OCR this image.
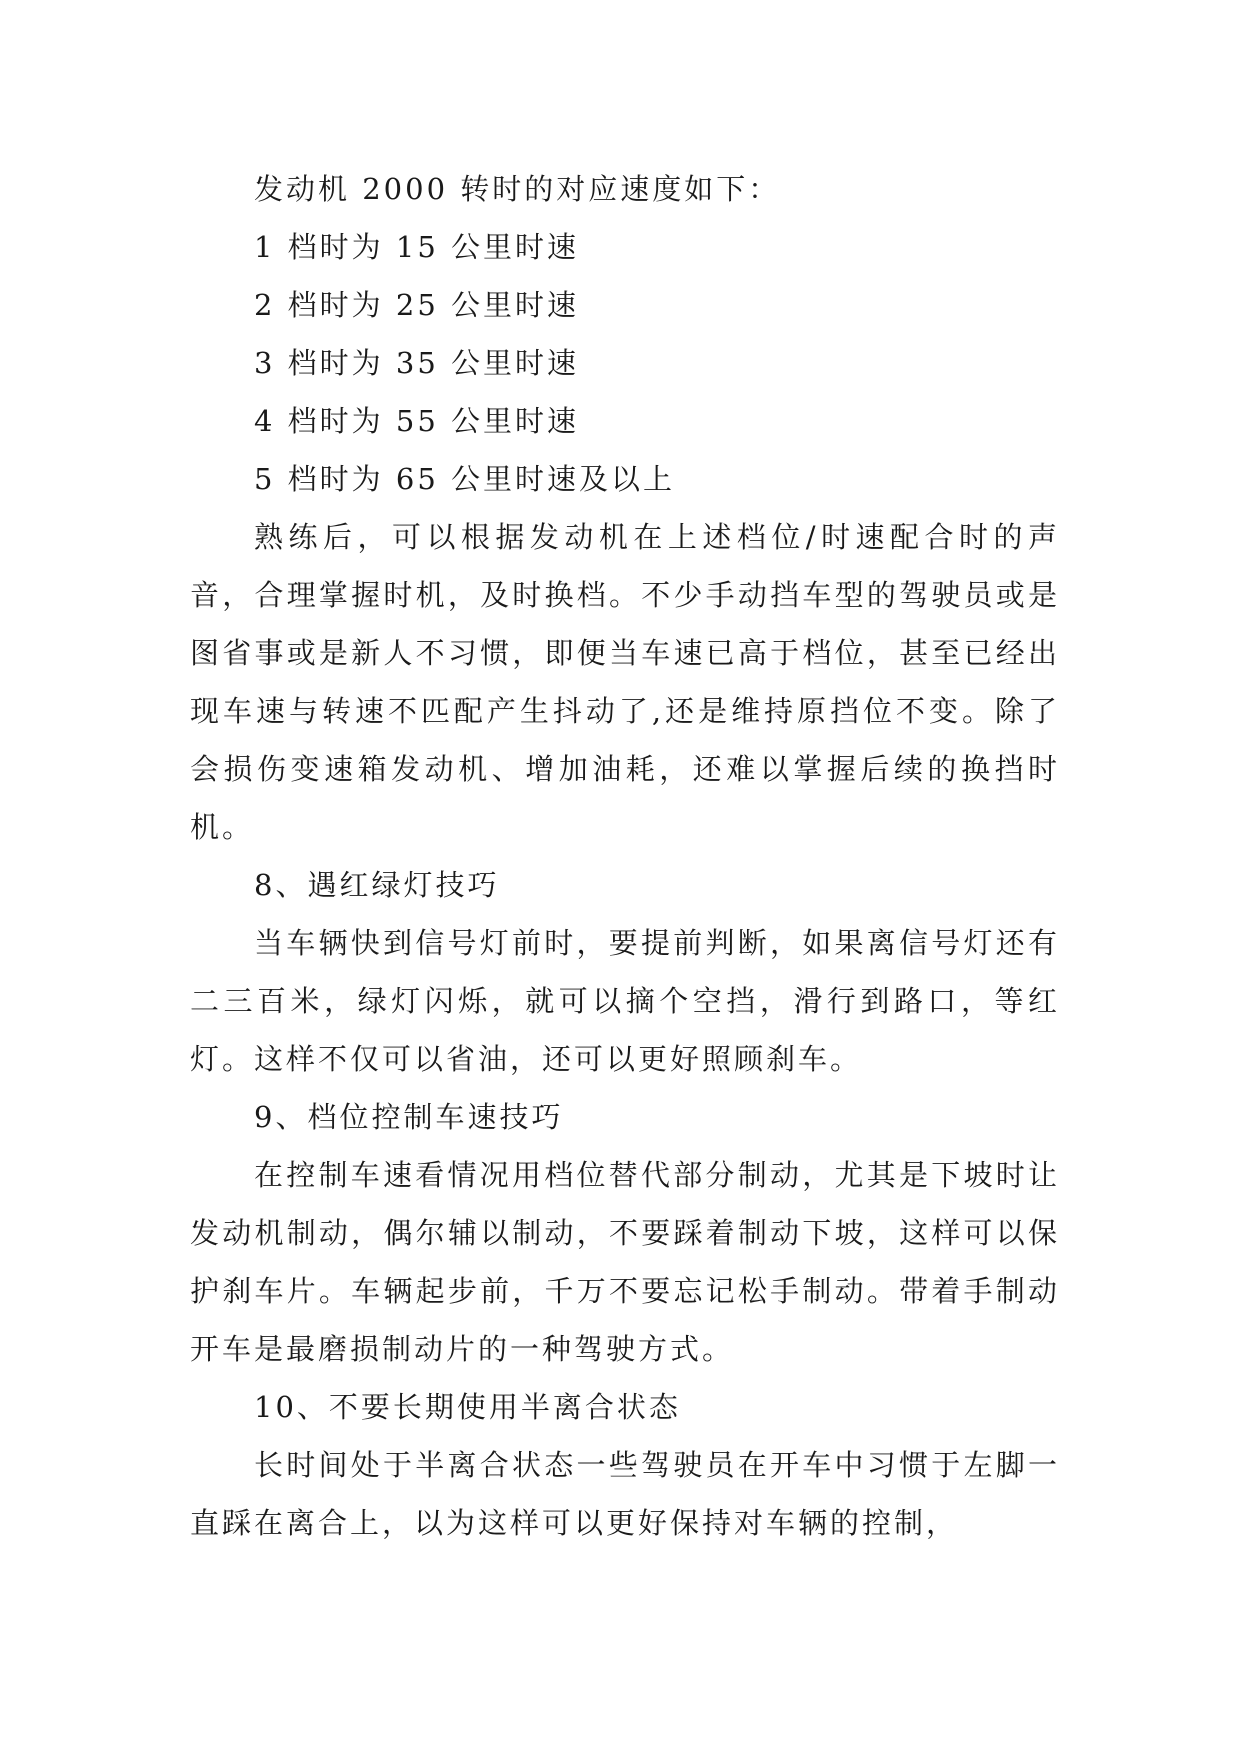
发动机 2000 转时的对应速度如下：

1 档时为 15 公里时速

2 档时为 25 公里时速

3 档时为 35 公里时速

4 档时为 55 公里时速

5 档时为 65 公里时速及以上

熟练后，可以根据发动机在上述档位/时速配合时的声音，合理掌握时机，及时换档。不少手动挡车型的驾驶员或是图省事或是新人不习惯，即便当车速已高于档位，甚至已经出现车速与转速不匹配产生抖动了,还是维持原挡位不变。除了会损伤变速箱发动机、增加油耗，还难以掌握后续的换挡时机。

8、遇红绿灯技巧

当车辆快到信号灯前时，要提前判断，如果离信号灯还有二三百米，绿灯闪烁，就可以摘个空挡，滑行到路口，等红灯。这样不仅可以省油，还可以更好照顾刹车。

9、档位控制车速技巧

在控制车速看情况用档位替代部分制动，尤其是下坡时让发动机制动，偶尔辅以制动，不要踩着制动下坡，这样可以保护刹车片。车辆起步前，千万不要忘记松手制动。带着手制动开车是最磨损制动片的一种驾驶方式。

10、不要长期使用半离合状态

长时间处于半离合状态一些驾驶员在开车中习惯于左脚一直踩在离合上，以为这样可以更好保持对车辆的控制，
